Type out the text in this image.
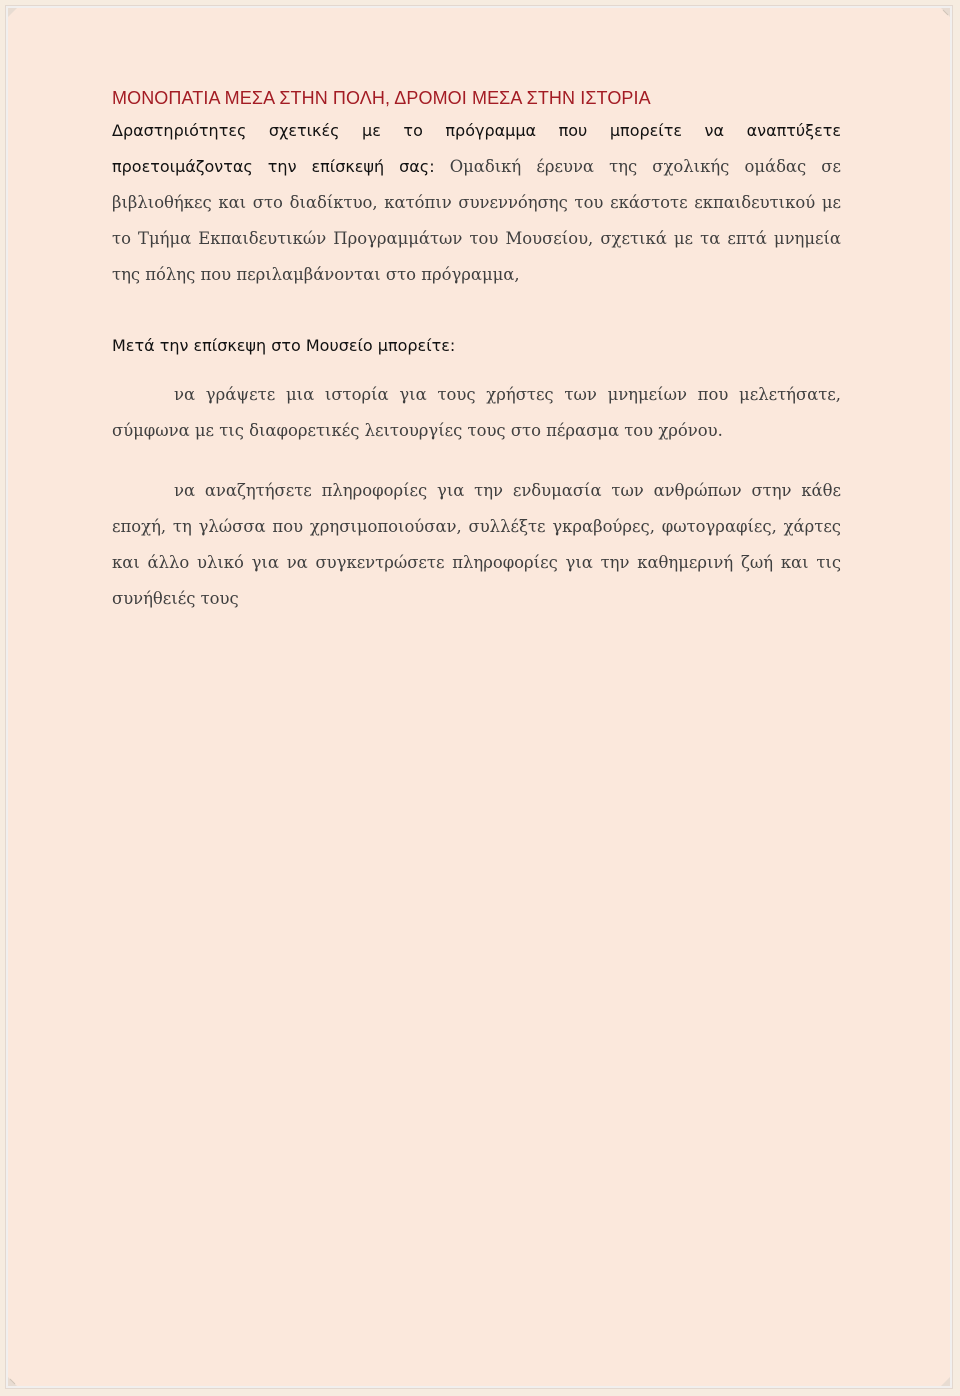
ΜΟΝΟΠΑΤΙΑ ΜΕΣΑ ΣΤΗΝ ΠΟΛΗ, ΔΡΟΜΟΙ ΜΕΣΑ ΣΤΗΝ ΙΣΤΟΡΙΑ

Δραστηριότητες σχετικές με το πρόγραμμα που μπορείτε να αναπτύξετε προετοιμάζοντας την επίσκεψή σας: Ομαδική έρευνα της σχολικής ομάδας σε βιβλιοθήκες και στο διαδίκτυο, κατόπιν συνεννόησης του εκάστοτε εκπαιδευτικού με το Τμήμα Εκπαιδευτικών Προγραμμάτων του Μουσείου, σχετικά με τα επτά μνημεία της πόλης που περιλαμβάνονται στο πρόγραμμα,

Μετά την επίσκεψη στο Μουσείο μπορείτε:

να γράψετε μια ιστορία για τους χρήστες των μνημείων που μελετήσατε, σύμφωνα με τις διαφορετικές λειτουργίες τους στο πέρασμα του χρόνου.

να αναζητήσετε πληροφορίες για την ενδυμασία των ανθρώπων στην κάθε εποχή, τη γλώσσα που χρησιμοποιούσαν, συλλέξτε γκραβούρες, φωτογραφίες, χάρτες και άλλο υλικό για να συγκεντρώσετε πληροφορίες για την καθημερινή ζωή και τις συνήθειές τους
